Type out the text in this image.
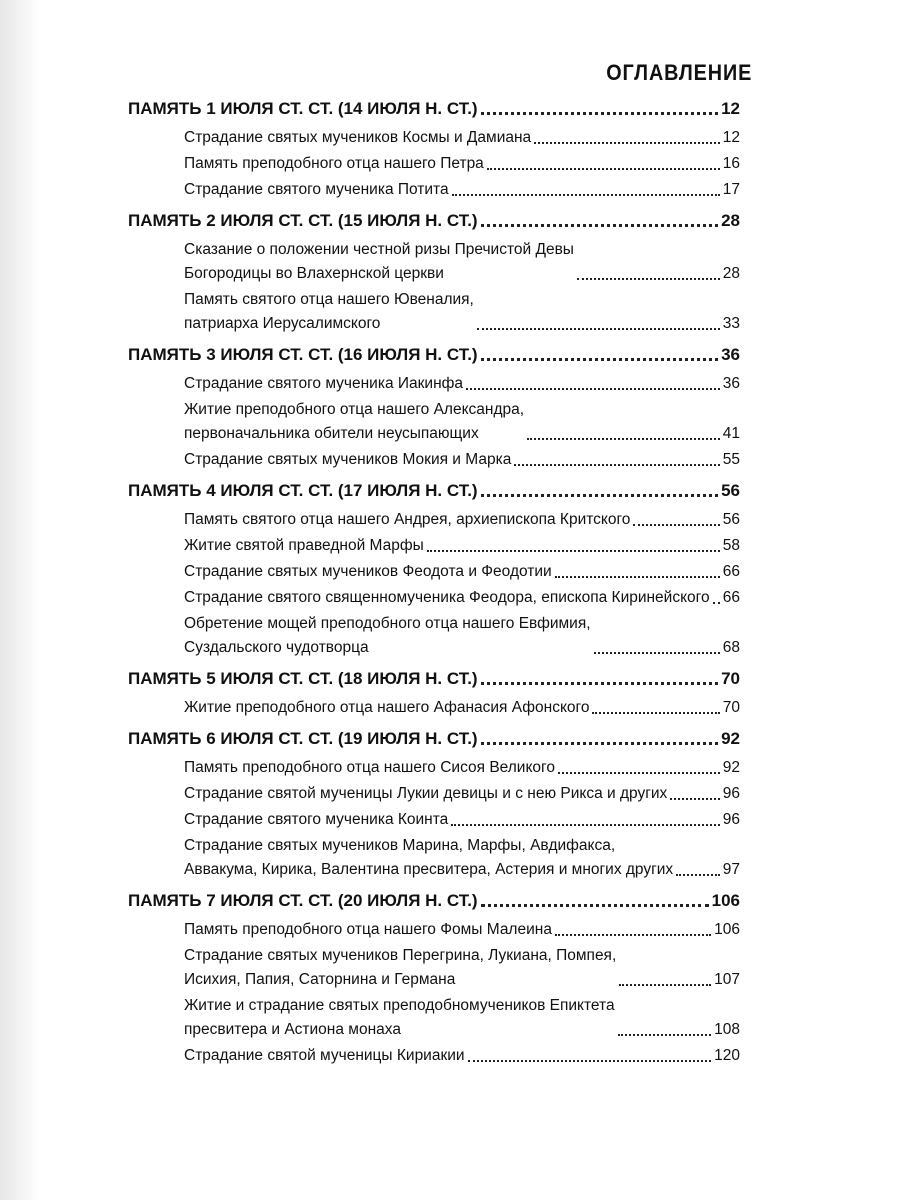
ОГЛАВЛЕНИЕ
ПАМЯТЬ 1 ИЮЛЯ СТ. СТ. (14 ИЮЛЯ Н. СТ.)	12
Страдание святых мучеников Космы и Дамиана	12
Память преподобного отца нашего Петра	16
Страдание святого мученика Потита	17
ПАМЯТЬ 2 ИЮЛЯ СТ. СТ. (15 ИЮЛЯ Н. СТ.)	28
Сказание о положении честной ризы Пречистой Девы
Богородицы во Влахернской церкви	28
Память святого отца нашего Ювеналия,
патриарха Иерусалимского	33
ПАМЯТЬ 3 ИЮЛЯ СТ. СТ. (16 ИЮЛЯ Н. СТ.)	36
Страдание святого мученика Иакинфа	36
Житие преподобного отца нашего Александра,
первоначальника обители неусыпающих	41
Страдание святых мучеников Мокия и Марка	55
ПАМЯТЬ 4 ИЮЛЯ СТ. СТ. (17 ИЮЛЯ Н. СТ.)	56
Память святого отца нашего Андрея, архиепископа Критского	56
Житие святой праведной Марфы	58
Страдание святых мучеников Феодота и Феодотии	66
Страдание святого священномученика Феодора, епископа Киринейского 66
Обретение мощей преподобного отца нашего Евфимия,
Суздальского чудотворца	68
ПАМЯТЬ 5 ИЮЛЯ СТ. СТ. (18 ИЮЛЯ Н. СТ.)	70
Житие преподобного отца нашего Афанасия Афонского	70
ПАМЯТЬ 6 ИЮЛЯ СТ. СТ. (19 ИЮЛЯ Н. СТ.)	92
Память преподобного отца нашего Сисоя Великого	92
Страдание святой мученицы Лукии девицы и с нею Рикса и других	96
Страдание святого мученика Коинта	96
Страдание святых мучеников Марина, Марфы, Авдифакса,
Аввакума, Кирика, Валентина пресвитера, Астерия и многих других	97
ПАМЯТЬ 7 ИЮЛЯ СТ. СТ. (20 ИЮЛЯ Н. СТ.)	106
Память преподобного отца нашего Фомы Малеина	106
Страдание святых мучеников Перегрина, Лукиана, Помпея,
Исихия, Папия, Саторнина и Германа	107
Житие и страдание святых преподобномучеников Епиктета
пресвитера и Астиона монаха	108
Страдание святой мученицы Кириакии	120
